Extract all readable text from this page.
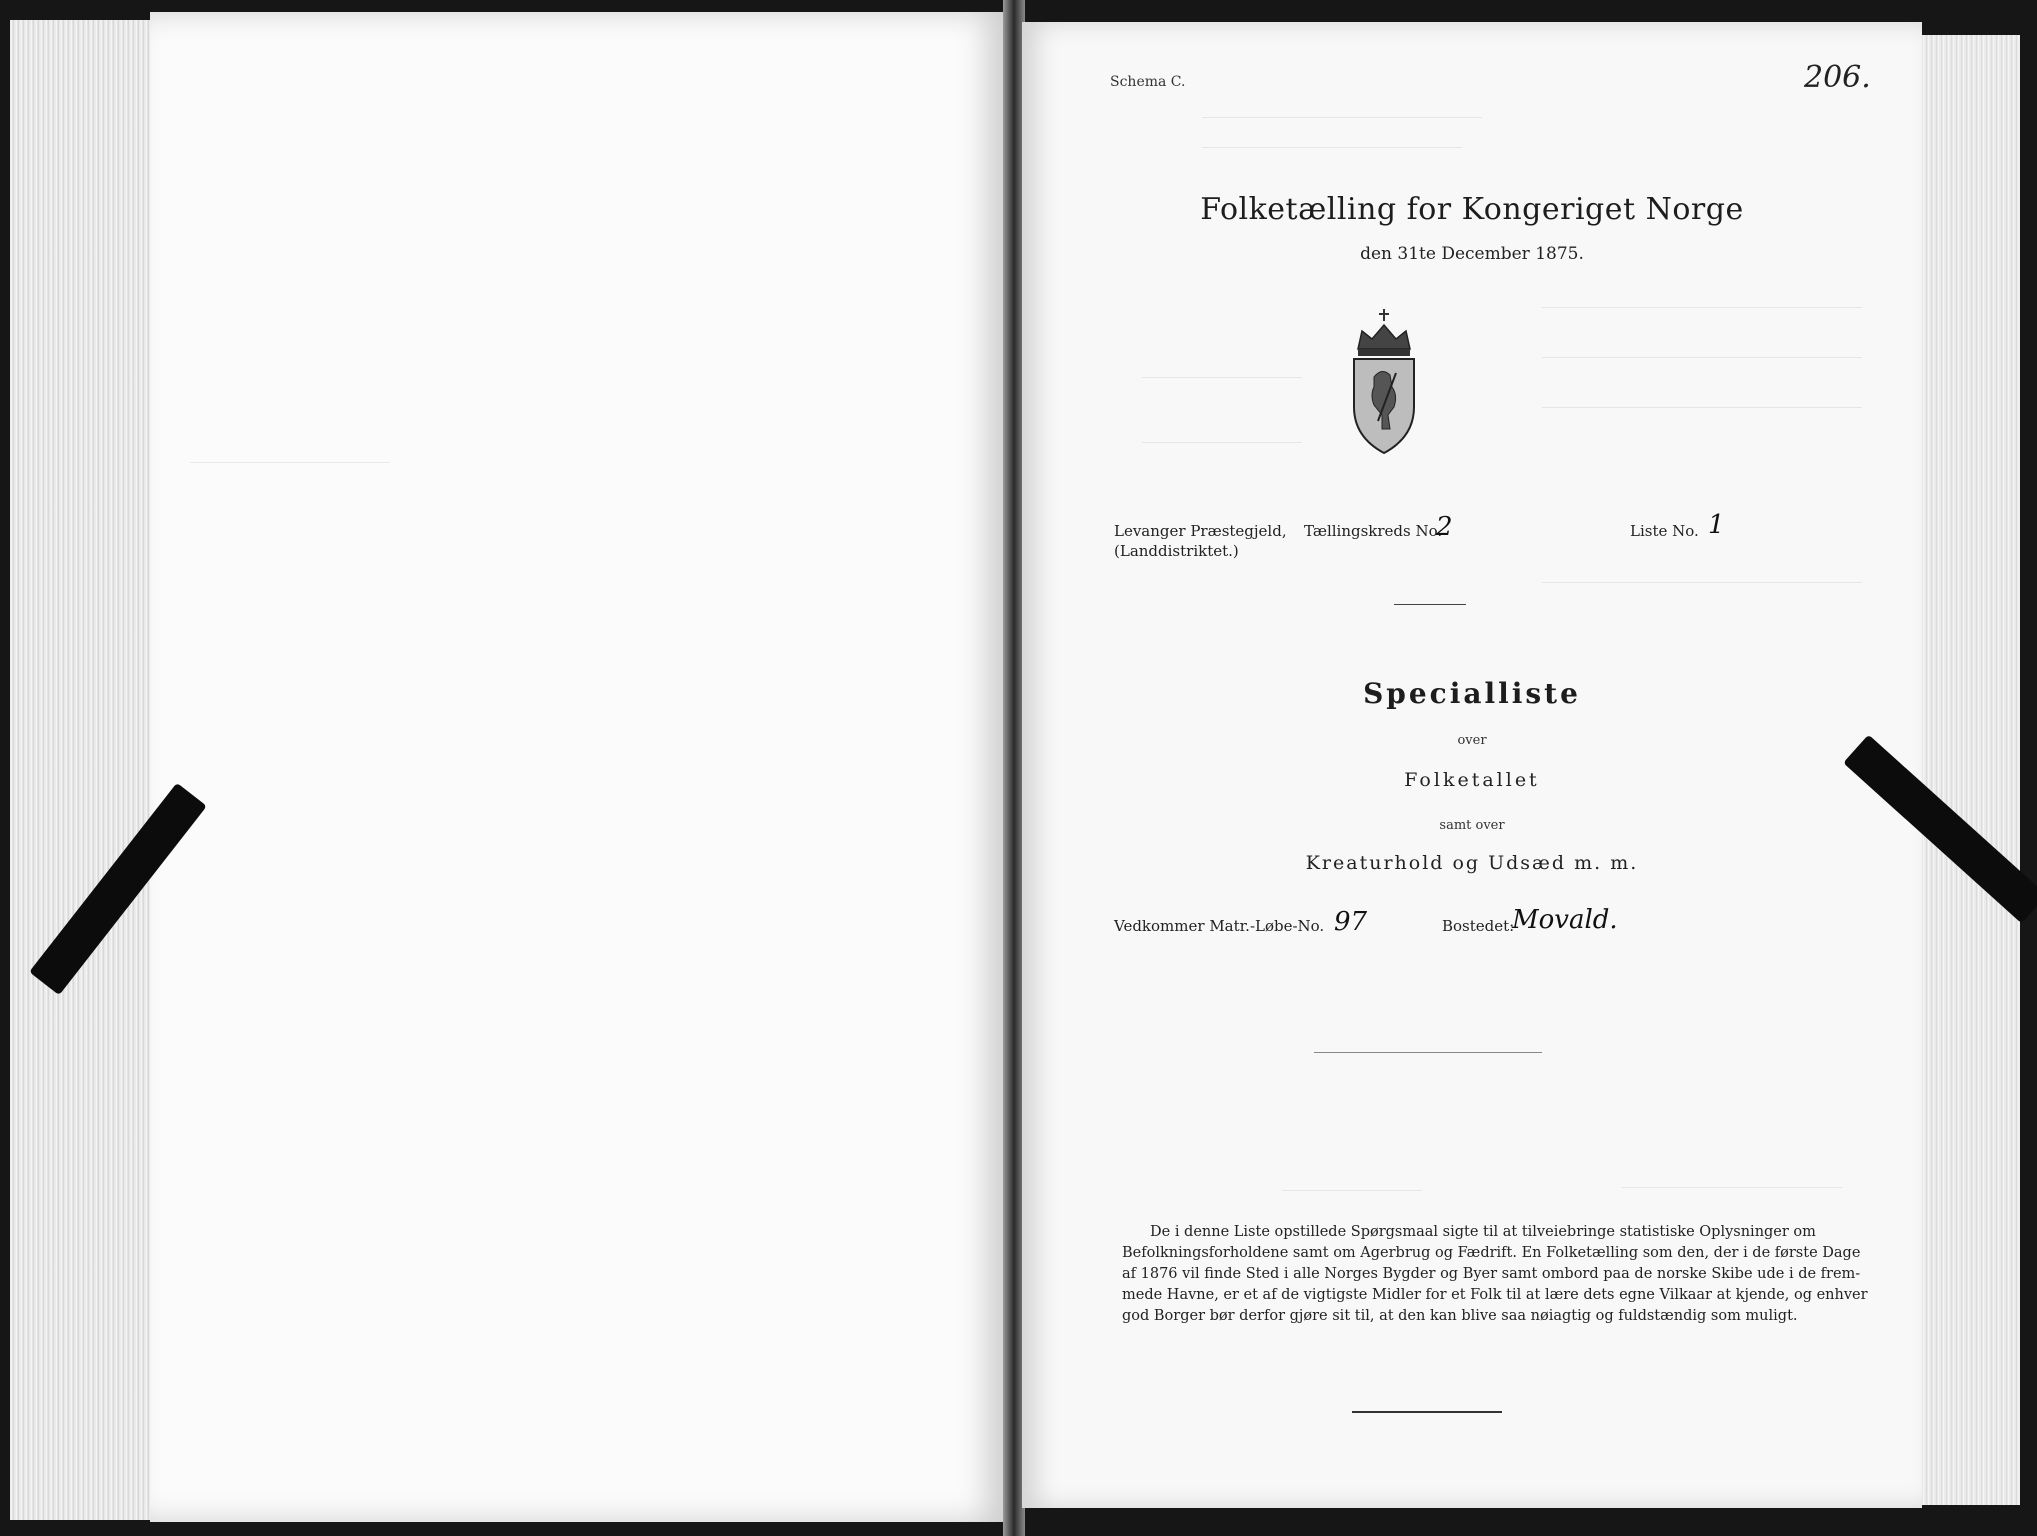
Schema C.	206.
Folketælling for Kongeriget Norge
den 31te December 1875.
Levanger Præstegjeld,
(Landdistriktet.)
Tællingskreds No.
2	Liste No. 1
Specialliste
over
Folketallet
samt over
Kreaturhold og Udsæd m. m.
Vedkommer Matr.-Løbe-No. 97	Bostedet:
Movald.
De i denne Liste opstillede Spørgsmaal sigte til at tilveiebringe statistiske Oplysninger om
Befolkningsforholdene samt om Agerbrug og Fædrift. En Folketælling som den, der i de første Dage
af 1876 vil finde Sted i alle Norges Bygder og Byer samt ombord paa de norske Skibe ude i de frem-
mede Havne, er et af de vigtigste Midler for et Folk til at lære dets egne Vilkaar at kjende, og enhver
god Borger bør derfor gjøre sit til, at den kan blive saa nøiagtig og fuldstændig som muligt.
